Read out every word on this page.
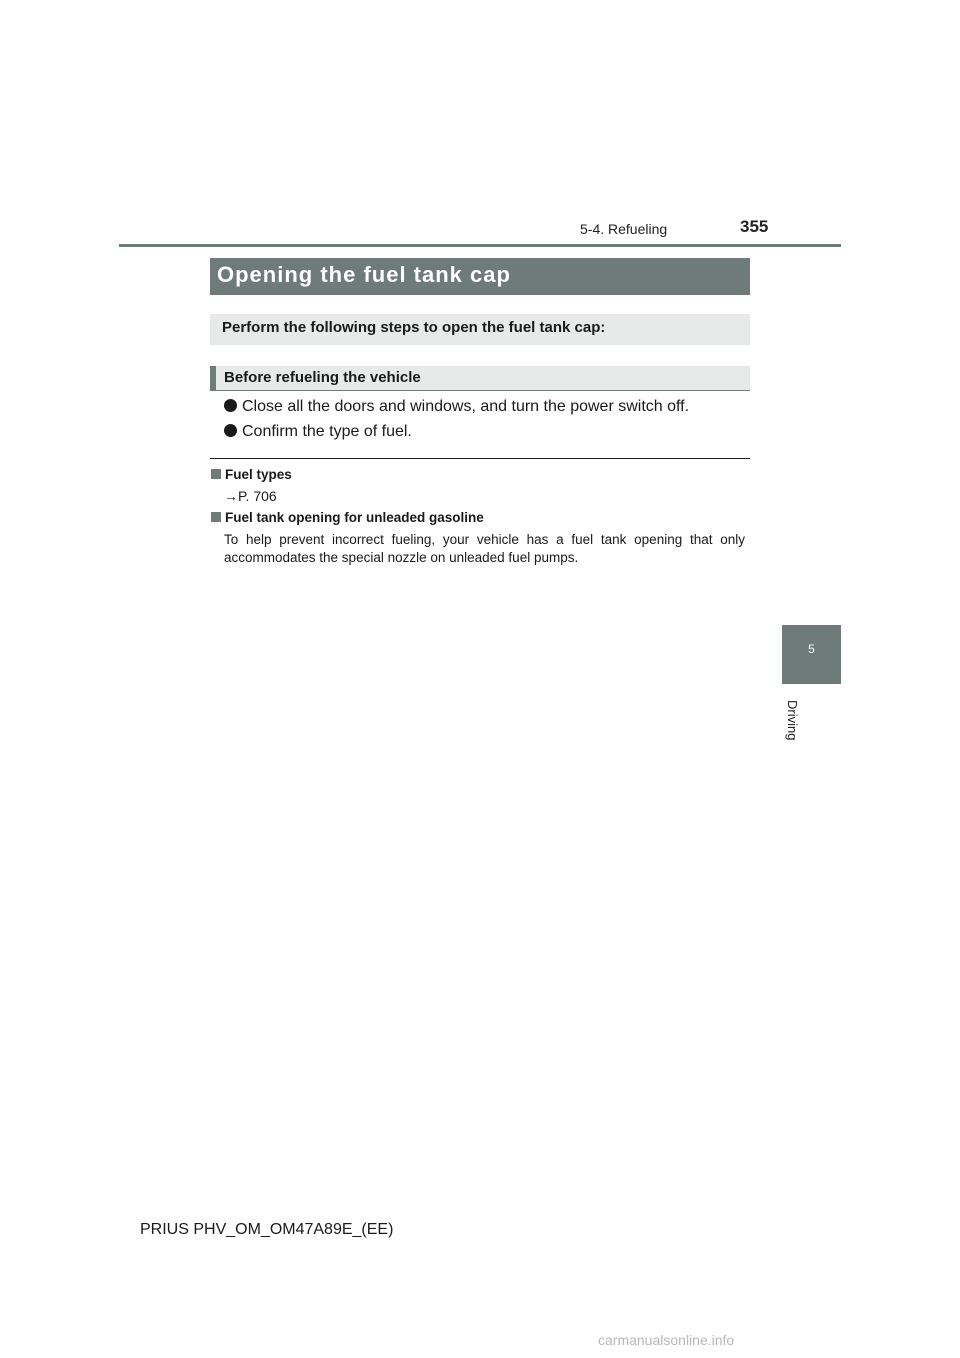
5-4. Refueling	355
Opening the fuel tank cap
Perform the following steps to open the fuel tank cap:
Before refueling the vehicle
Close all the doors and windows, and turn the power switch off.
Confirm the type of fuel.
Fuel types
→P. 706
Fuel tank opening for unleaded gasoline
To help prevent incorrect fueling, your vehicle has a fuel tank opening that only accommodates the special nozzle on unleaded fuel pumps.
5
Driving
PRIUS PHV_OM_OM47A89E_(EE)
carmanualsonline.info
